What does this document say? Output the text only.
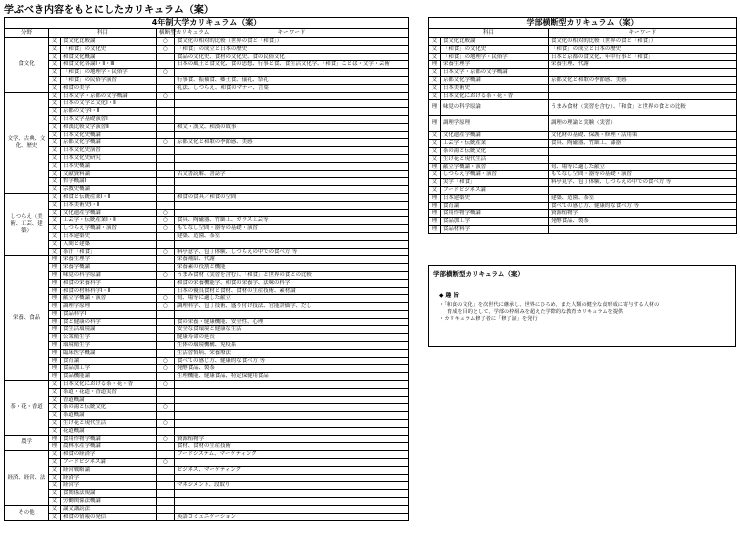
学ぶべき内容をもとにしたカリキュラム（案）
4年制大学カリキュラム（案）				
分野	科目		横断型カリキュラム	キーワード
食文化	文	食文化比較論	○	食文化の相対的比較（世界の食と「和食」）
	文	「和食」の文化史	○	「和食」の成立と日本の歴史
	文	和食文化概論		食品の文化史、食材の文化史、食の民俗文化
	文	和食文化各論Ⅰ・Ⅱ・Ⅲ		日本の風土と食文化、食の思想、行事と食、食生活文化学、「和食」ことば・文学・芸術
	文	「和食」の地理学・民俗学	○	
	文	「和食」の民俗学演習		行事食、振袖食、郷土食、儀礼、祭礼
	文	和食の美学		礼法、しつらえ、和食のマナー、言葉
文学、古典、文化、歴史	文	日本文学・京都の文学概論	○	
	文	日本の文学と文化Ⅰ・Ⅱ		
	文	京都の文学Ⅰ・Ⅱ		
	文	日本文学基礎演習Ⅰ		
	文	和漢比較文学演習Ⅱ		和文・漢文、和漢の故事
	文	日本文化史概論		
	文	京都文化学概論	○	京都文化と和歌の季節感、美感
	文	日本文化史演習		
	文	日本文化史研究		
	文	日本史概論		
	文	文献資料論		古文書読解、書誌学
	文	哲学概論Ⅰ		
	文	宗教史概論		
しつらえ（美術、工芸、建築）	文	和食と伝統産業Ⅰ・Ⅱ		和食の食具／和食の空間
	文	日本美術史Ⅰ・Ⅱ		
	文	文化遺産学概論	○	
	文	工芸学・伝統産業Ⅰ・Ⅱ	○	食具、陶磁器、竹細工、ガラス工芸等
	文	しつらえ学概論・演習	○	もてなし空間・器等の基礎・演習
	文	日本建築史		建築、造園、茶室
	文	人間と建築		
	文	茶汁「和食」	○	料亭意学、包丁体験、しつらえの中での食べ方 等
栄養、食品	理	栄養生理学		栄養補給、代謝
	理	栄養学概論		栄養素の役割と機能
	理	味覚の科学原論	○	うまみ食材（実習を含む）、「和食」と世界の食との比較
	理	和食の栄養科学		和食の栄養機能学、和食の栄養学、法味の科学
	理	和食の材料科学Ⅰ・Ⅱ		日本の優良食材と食材、食材の生産技術、素材論
	理	献立学概論・演習	○	旬、場等に適した献立
	理	調理学原理	○	調理科学、包丁技術、盛り付け技法、官能評価学、だし
	理	食品科学Ⅰ		
	理	食と健康の科学		食の栄養・健康機能、安全性、心理
	理	食生活環境論		安全な食環境と健康な生活
	理	公衆衛生学		健康寿命の延長
	理	環境衛生学		生体の環境機構、免疫系
	理	臨床医学概論		生活習慣病、栄養療法
	理	食育論	○	食べての感じ方、健康的な食べ方 等
	理	食品加工学	○	発酵食品、製茶
	理	食品機能論		生理機能、健康食品、特定保健用食品
茶・花・香道	文	日本文化における茶・花・香	○	
	文	茶道・花道・香道実習		
	文	香道概論		
	文	茶の湯と伝統文化	○	
	文	茶道概論		
	文	生け花と現代生活	○	
	文	花道概論		
農学	理	食用作物学概論	○	資源植物学
	理	農林水産学概論		食材、食材の生産技術
経済、経営、法	文	和食の経済学		フードシステム、マーケティング
	文	フードビジネス論	○	
	文	経営戦略論		ビジネス、マーケティング
	文	経済学		
	文	経営学		マネジメント、段取り
	文	食関係法規論		
	文	労働関係法概論		
その他	文	論文講読法		
	文	和食の情報の発信		英語コミュニケーション
学部横断型カリキュラム（案）		
科目		キーワード
文	食文化比較論	食文化の相対的比較（世界の食と「和食」）
文	「和食」の文化史	「和食」の成立と日本の歴史
文	「和食」の地理学・民俗学	日本と京都の食文化、年中行事と「和食」
理	栄養生理学	栄養生理、代謝
文	日本文学・京都の文学概論	
文	京都文化学概論	京都文化と和歌の季節感、美感
文	日本美術史	
文	日本文化における茶・花・香	
理	味覚の科学原論	うまみ食材（実習を含む）、「和食」と世界の食との比較
理	調理学原理	調理の理論と実験（実習）
文	文化遺産学概論	文化財の基礎、保護・修理・活用策
文	工芸学・伝統産業	食具、陶磁器、竹細工、漆器
文	茶の湯と伝統文化	
文	生け花と現代生活	
理	献立学概論・演習	旬、場等に適した献立
文	しつらえ学概論・演習	もてなし空間・器等の基礎・演習
文	実学「和食」	料亭見学、包丁体験、しつらえの中での食べ方 等
文	フードビジネス論	
理	日本建築史	建築、造園、茶室
理	食育論	食べての感じ方、健康的な食べ方 等
理	食用作物学概論	資源植物学
理	食品加工学	発酵食品、製茶
理	食品材料学	
学部横断型カリキュラム（案）
◆ 趣 旨
・「和食の文化」を次世代に継承し、世界にひろめ、また人類の健全な食形成に寄与する人材の
育成を目的として、学部の枠組みを超えた学際的な教育カリキュラムを提供
・カリキュラム修了者に「修了証」を発行
